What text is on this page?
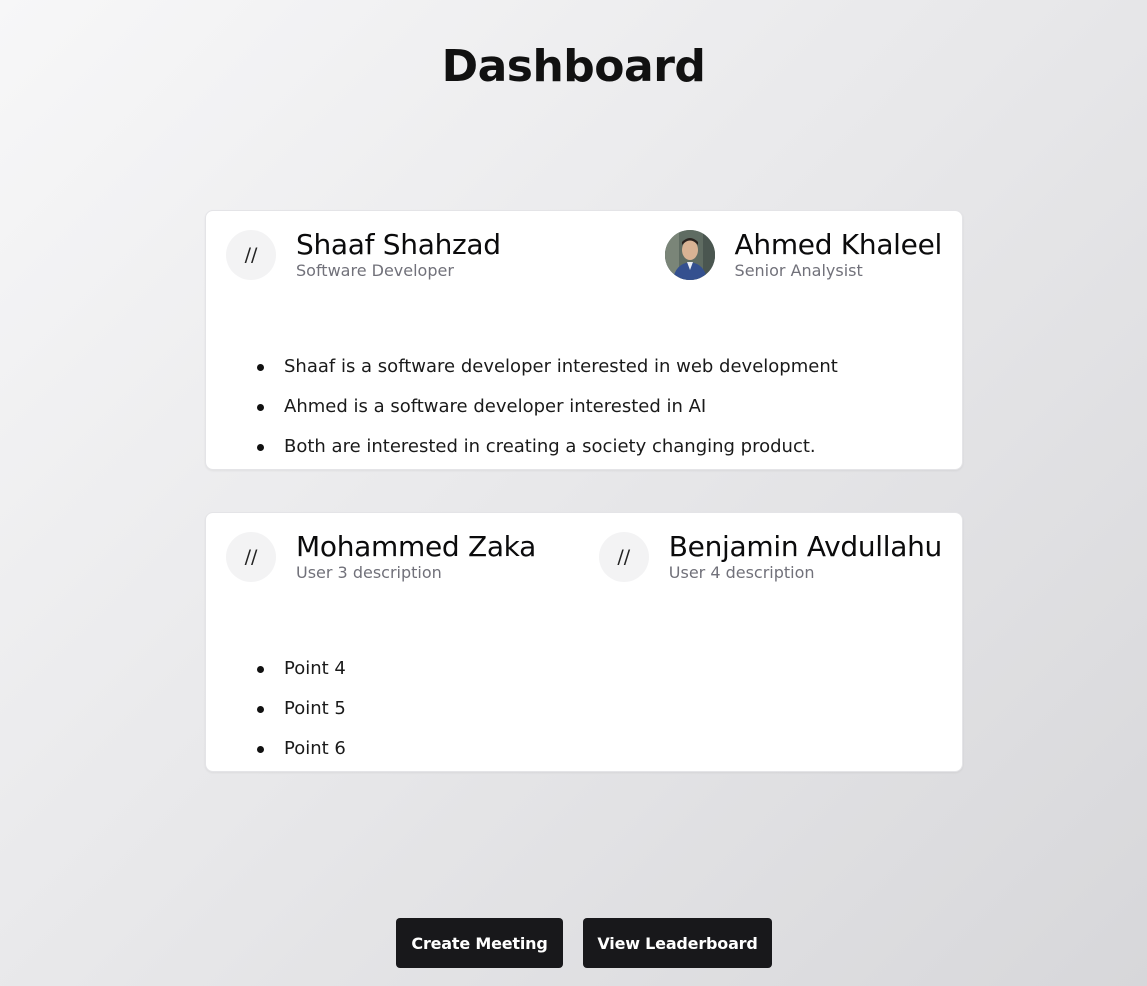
Dashboard
//	Shaaf Shahzad
Software Developer
Ahmed Khaleel
Senior Analysist
Shaaf is a software developer interested in web development
Ahmed is a software developer interested in AI
Both are interested in creating a society changing product.
//	Mohammed Zaka
User 3 description
//	Benjamin Avdullahu
User 4 description
Point 4
Point 5
Point 6
Create Meeting	View Leaderboard
